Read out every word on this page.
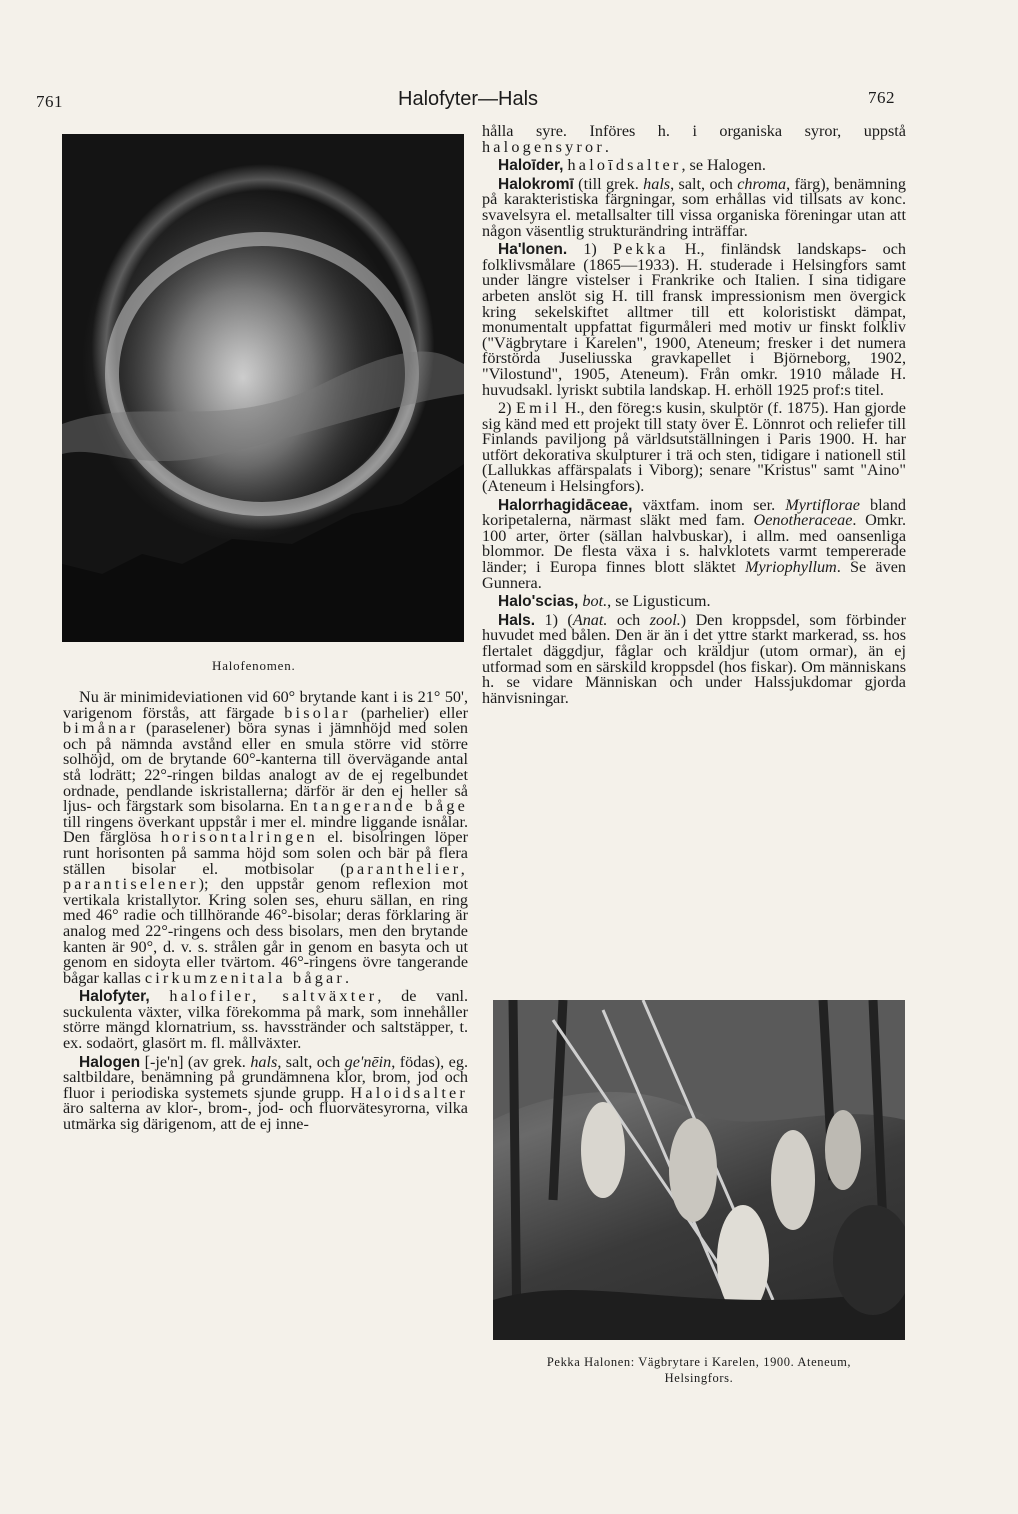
761	Halofyter—Hals	762
Halofenomen.

Nu är minimideviationen vid 60° brytande kant i is 21° 50', varigenom förstås, att färgade bisolar (parhelier) eller bimånar (paraselener) böra synas i jämnhöjd med solen och på nämnda avstånd eller en smula större vid större solhöjd, om de brytande 60°-kanterna till övervägande antal stå lodrätt; 22°-ringen bildas analogt av de ej regelbundet ordnade, pendlande iskristallerna; därför är den ej heller så ljus- och färgstark som bisolarna. En tangerande båge till ringens överkant uppstår i mer el. mindre liggande isnålar. Den färglösa horisontalringen el. bisolringen löper runt horisonten på samma höjd som solen och bär på flera ställen bisolar el. motbisolar (paranthelier, parantiselener); den uppstår genom reflexion mot vertikala kristallytor. Kring solen ses, ehuru sällan, en ring med 46° radie och tillhörande 46°-bisolar; deras förklaring är analog med 22°-ringens och dess bisolars, men den brytande kanten är 90°, d. v. s. strålen går in genom en basyta och ut genom en sidoyta eller tvärtom. 46°-ringens övre tangerande bågar kallas cirkumzenitala bågar.

Halofyter, halofiler, saltväxter, de vanl. suckulenta växter, vilka förekomma på mark, som innehåller större mängd klornatrium, ss. havsstränder och saltstäpper, t. ex. sodaört, glasört m. fl. mållväxter.

Halogen [-je'n] (av grek. hals, salt, och ge'nēin, födas), eg. saltbildare, benämning på grundämnena klor, brom, jod och fluor i periodiska systemets sjunde grupp. Haloidsalter äro salterna av klor-, brom-, jod- och fluorvätesyrorna, vilka utmärka sig därigenom, att de ej inne-

hålla syre. Införes h. i organiska syror, uppstå halogensyror.

Haloīder, haloīdsalter, se Halogen.

Halokromī (till grek. hals, salt, och chroma, färg), benämning på karakteristiska färgningar, som erhållas vid tillsats av konc. svavelsyra el. metallsalter till vissa organiska föreningar utan att någon väsentlig strukturändring inträffar.

Ha'lonen. 1) Pekka H., finländsk landskaps- och folklivsmålare (1865—1933). H. studerade i Helsingfors samt under längre vistelser i Frankrike och Italien. I sina tidigare arbeten anslöt sig H. till fransk impressionism men övergick kring sekelskiftet alltmer till ett koloristiskt dämpat, monumentalt uppfattat figurmåleri med motiv ur finskt folkliv ("Vägbrytare i Karelen", 1900, Ateneum; fresker i det numera förstörda Juseliusska gravkapellet i Björneborg, 1902, "Vilostund", 1905, Ateneum). Från omkr. 1910 målade H. huvudsakl. lyriskt subtila landskap. H. erhöll 1925 prof:s titel.

2) Emil H., den föreg:s kusin, skulptör (f. 1875). Han gjorde sig känd med ett projekt till staty över E. Lönnrot och reliefer till Finlands paviljong på världsutställningen i Paris 1900. H. har utfört dekorativa skulpturer i trä och sten, tidigare i nationell stil (Lallukkas affärspalats i Viborg); senare "Kristus" samt "Aino" (Ateneum i Helsingfors).

Halorrhagidāceae, växtfam. inom ser. Myrtiflorae bland koripetalerna, närmast släkt med fam. Oenotheraceae. Omkr. 100 arter, örter (sällan halvbuskar), i allm. med oansenliga blommor. De flesta växa i s. halvklotets varmt tempererade länder; i Europa finnes blott släktet Myriophyllum. Se även Gunnera.

Halo'scias, bot., se Ligusticum.

Hals. 1) (Anat. och zool.) Den kroppsdel, som förbinder huvudet med bålen. Den är än i det yttre starkt markerad, ss. hos flertalet däggdjur, fåglar och kräldjur (utom ormar), än ej utformad som en särskild kroppsdel (hos fiskar). Om människans h. se vidare Människan och under Halssjukdomar gjorda hänvisningar.

Pekka Halonen: Vägbrytare i Karelen, 1900. Ateneum,
Helsingfors.
